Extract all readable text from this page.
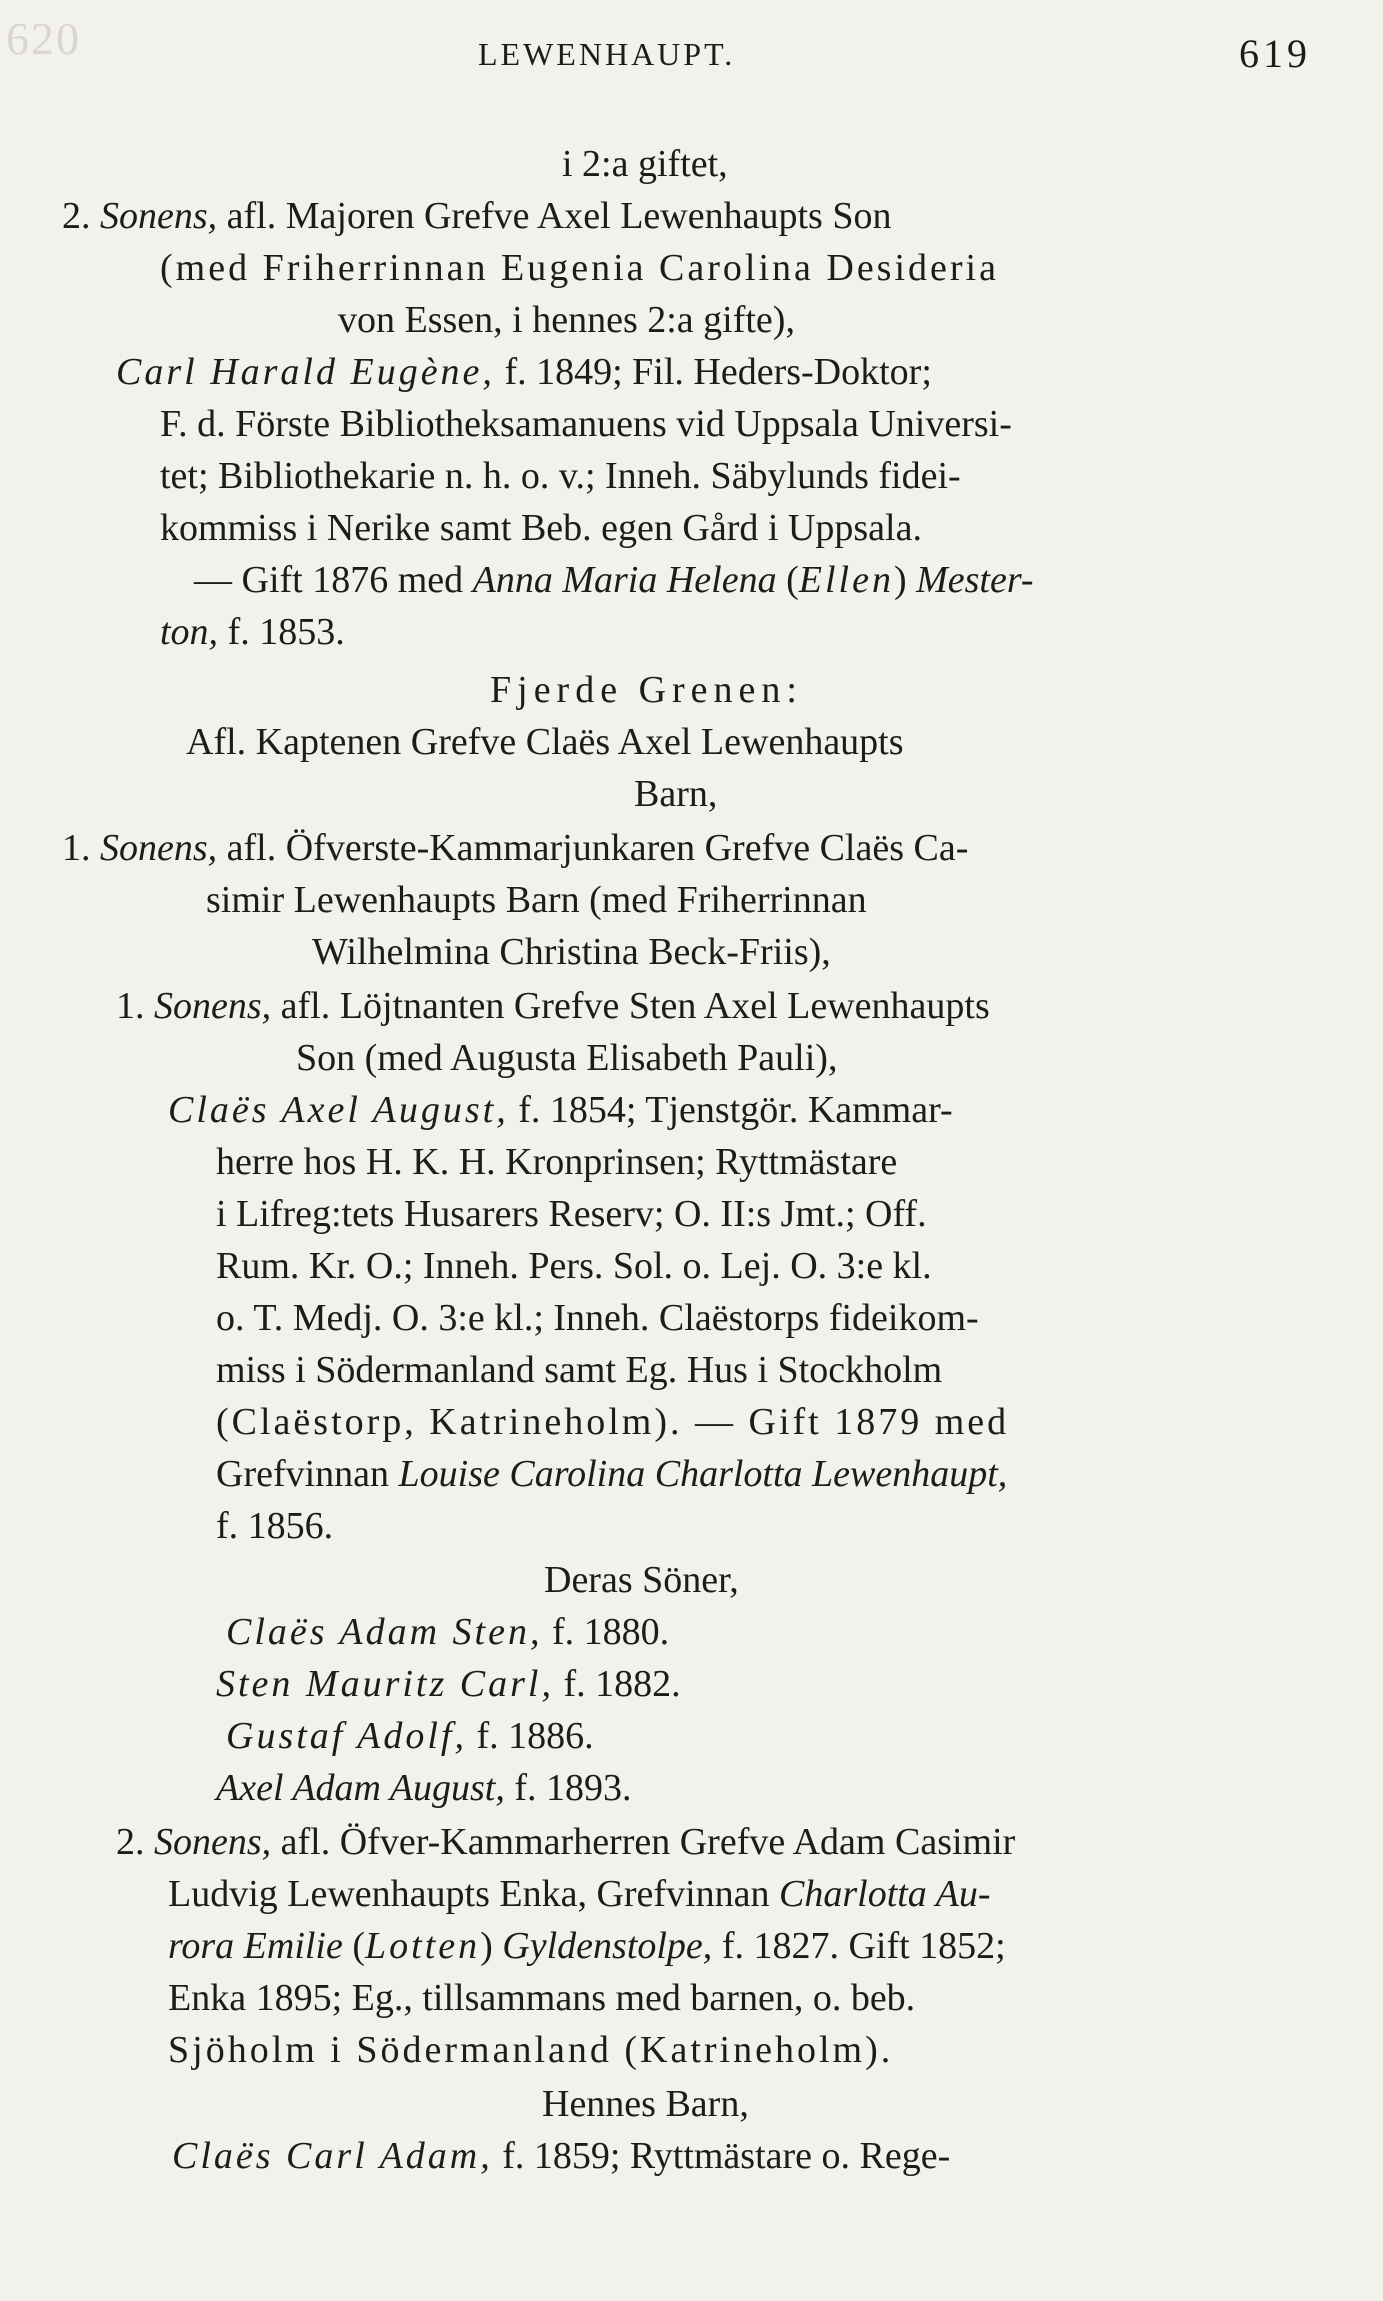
620	LEWENHAUPT.	619
i 2:a giftet,
2. Sonens, afl. Majoren Grefve Axel Lewenhaupts Son
(med Friherrinnan Eugenia Carolina Desideria
von Essen, i hennes 2:a gifte),
Carl Harald Eugène, f. 1849; Fil. Heders-Doktor;
F. d. Förste Bibliotheksamanuens vid Uppsala Universi-
tet; Bibliothekarie n. h. o. v.; Inneh. Säbylunds fidei-
kommiss i Nerike samt Beb. egen Gård i Uppsala.
— Gift 1876 med Anna Maria Helena (Ellen) Mester-
ton, f. 1853.
Fjerde Grenen:
Afl. Kaptenen Grefve Claës Axel Lewenhaupts
Barn,
1. Sonens, afl. Öfverste-Kammarjunkaren Grefve Claës Ca-
simir Lewenhaupts Barn (med Friherrinnan
Wilhelmina Christina Beck-Friis),
1. Sonens, afl. Löjtnanten Grefve Sten Axel Lewenhaupts
Son (med Augusta Elisabeth Pauli),
Claës Axel August, f. 1854; Tjenstgör. Kammar-
herre hos H. K. H. Kronprinsen; Ryttmästare
i Lifreg:tets Husarers Reserv; O. II:s Jmt.; Off.
Rum. Kr. O.; Inneh. Pers. Sol. o. Lej. O. 3:e kl.
o. T. Medj. O. 3:e kl.; Inneh. Claëstorps fideikom-
miss i Södermanland samt Eg. Hus i Stockholm
(Claëstorp, Katrineholm). — Gift 1879 med
Grefvinnan Louise Carolina Charlotta Lewenhaupt,
f. 1856.
Deras Söner,
Claës Adam Sten, f. 1880.
Sten Mauritz Carl, f. 1882.
Gustaf Adolf, f. 1886.
Axel Adam August, f. 1893.
2. Sonens, afl. Öfver-Kammarherren Grefve Adam Casimir
Ludvig Lewenhaupts Enka, Grefvinnan Charlotta Au-
rora Emilie (Lotten) Gyldenstolpe, f. 1827. Gift 1852;
Enka 1895; Eg., tillsammans med barnen, o. beb.
Sjöholm i Södermanland (Katrineholm).
Hennes Barn,
Claës Carl Adam, f. 1859; Ryttmästare o. Rege-
